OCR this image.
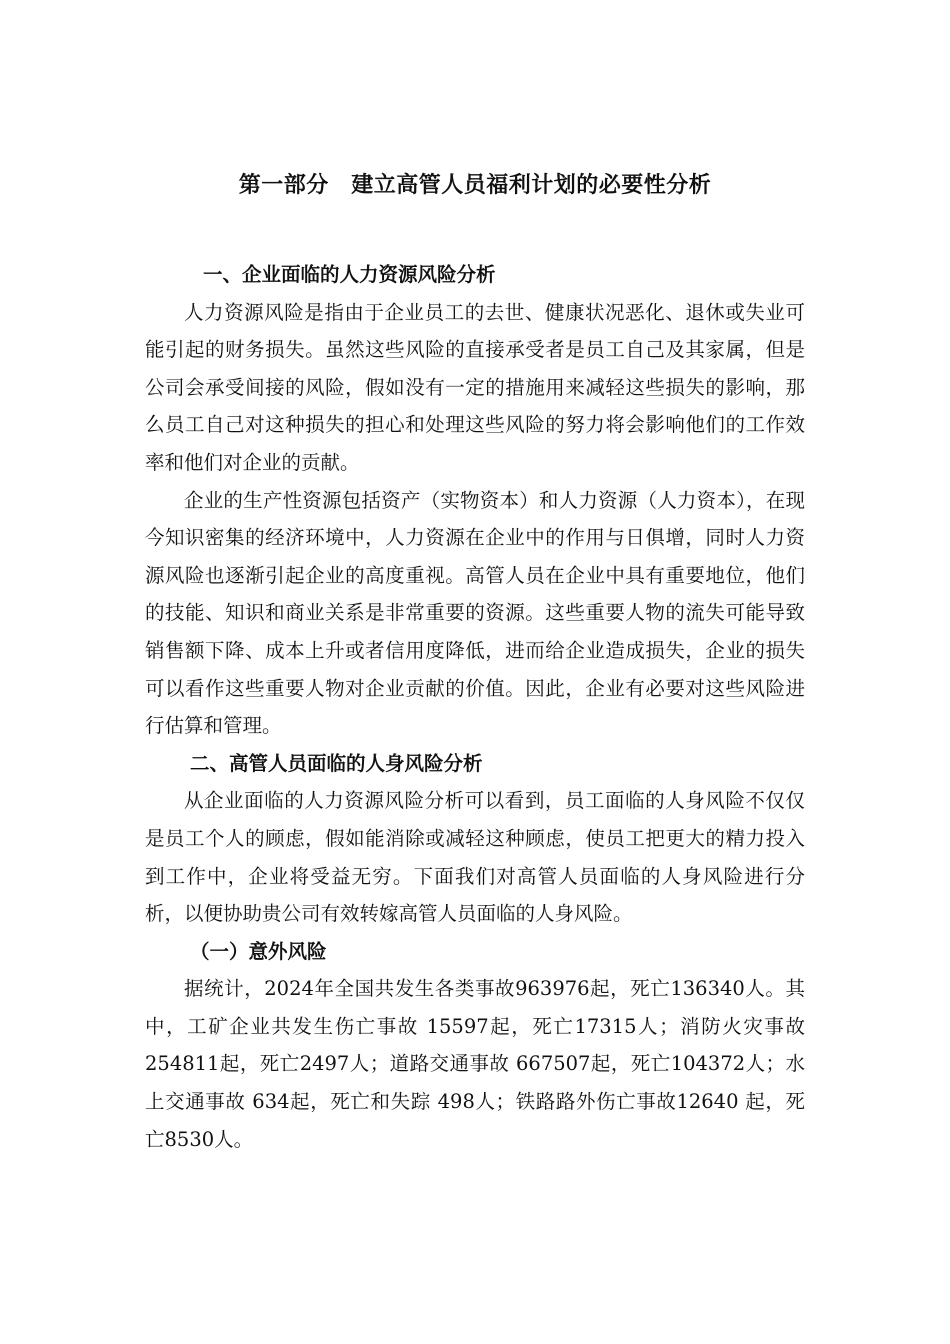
第一部分　建立高管人员福利计划的必要性分析
一、企业面临的人力资源风险分析

人力资源风险是指由于企业员工的去世、健康状况恶化、退休或失业可能引起的财务损失。虽然这些风险的直接承受者是员工自己及其家属，但是公司会承受间接的风险，假如没有一定的措施用来减轻这些损失的影响，那么员工自己对这种损失的担心和处理这些风险的努力将会影响他们的工作效率和他们对企业的贡献。

企业的生产性资源包括资产（实物资本）和人力资源（人力资本），在现今知识密集的经济环境中，人力资源在企业中的作用与日俱增，同时人力资源风险也逐渐引起企业的高度重视。高管人员在企业中具有重要地位，他们的技能、知识和商业关系是非常重要的资源。这些重要人物的流失可能导致销售额下降、成本上升或者信用度降低，进而给企业造成损失，企业的损失可以看作这些重要人物对企业贡献的价值。因此，企业有必要对这些风险进行估算和管理。

二、高管人员面临的人身风险分析

从企业面临的人力资源风险分析可以看到，员工面临的人身风险不仅仅是员工个人的顾虑，假如能消除或减轻这种顾虑，使员工把更大的精力投入到工作中，企业将受益无穷。下面我们对高管人员面临的人身风险进行分析，以便协助贵公司有效转嫁高管人员面临的人身风险。

（一）意外风险

据统计，2024年全国共发生各类事故963976起，死亡136340人。其中，工矿企业共发生伤亡事故 15597起，死亡17315人；消防火灾事故254811起，死亡2497人；道路交通事故 667507起，死亡104372人；水上交通事故 634起，死亡和失踪 498人；铁路路外伤亡事故12640 起，死亡8530人。
